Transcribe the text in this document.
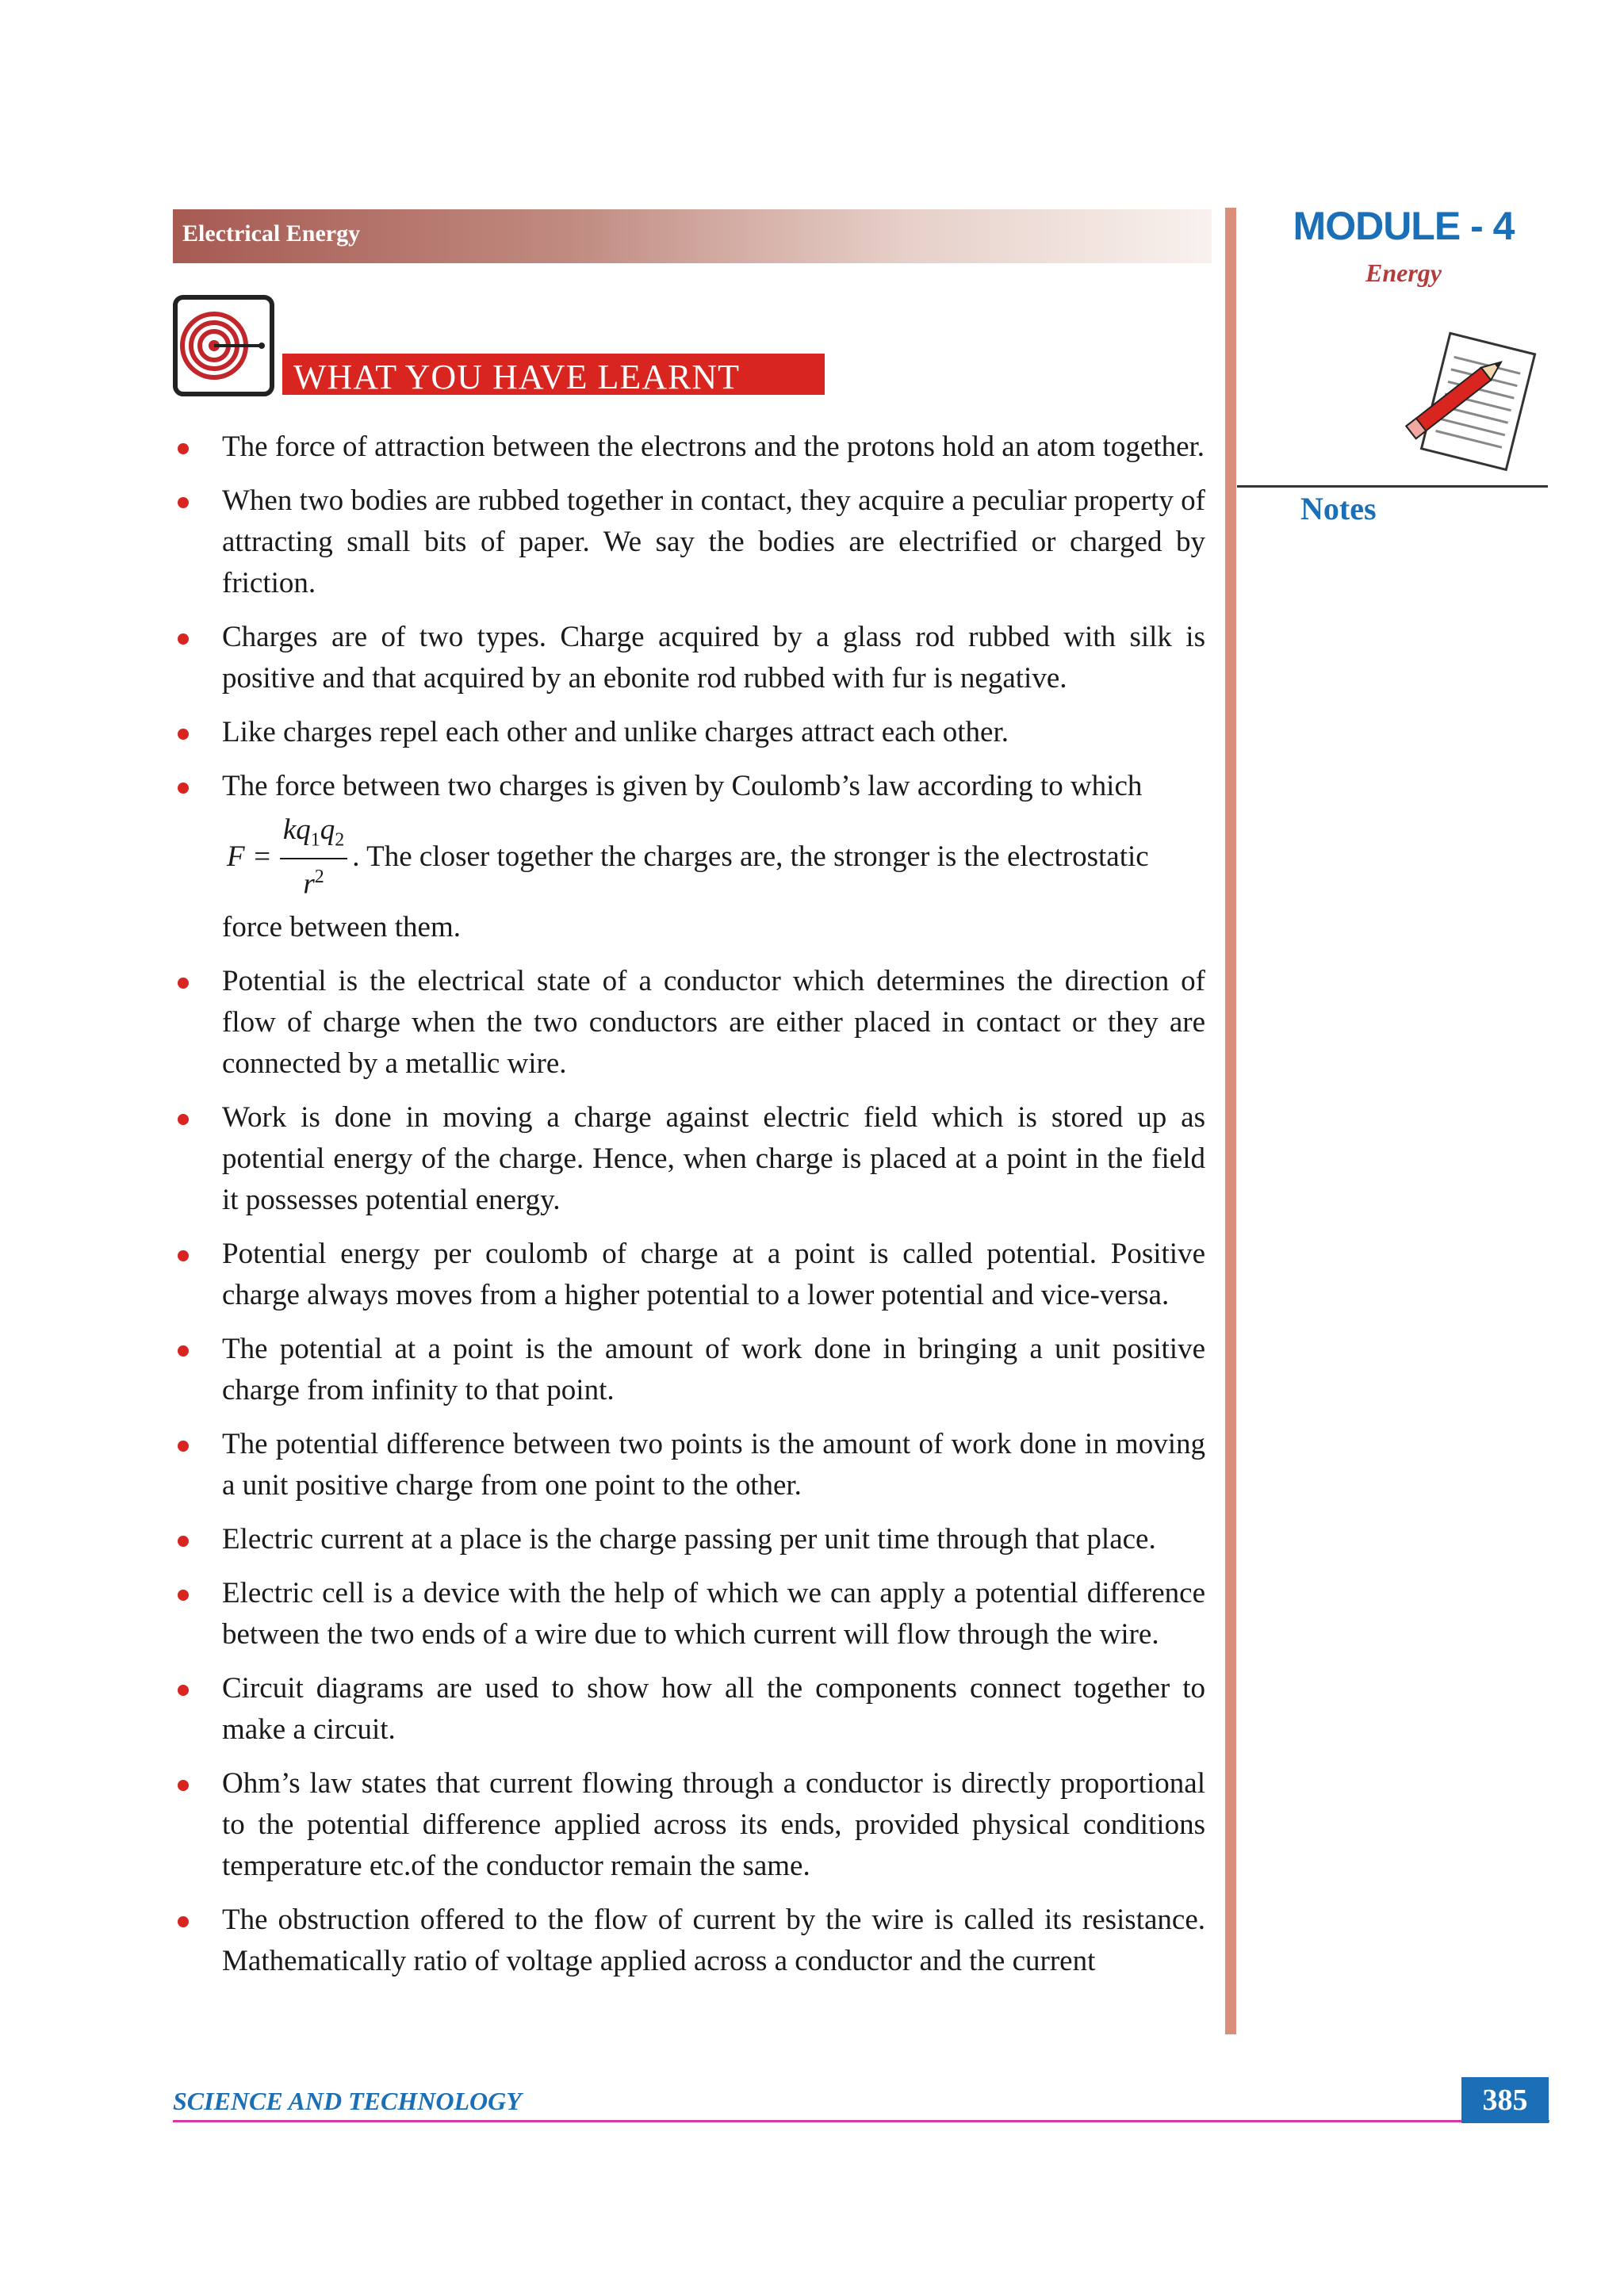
Electrical Energy	MODULE - 4
Energy
Notes
WHAT YOU HAVE LEARNT
The force of attraction between the electrons and the protons hold an atom together.
When two bodies are rubbed together in contact, they acquire a peculiar property of attracting small bits of paper. We say the bodies are electrified or charged by friction.
Charges are of two types. Charge acquired by a glass rod rubbed with silk is positive and that acquired by an ebonite rod rubbed with fur is negative.
Like charges repel each other and unlike charges attract each other.
The force between two charges is given by Coulomb’s law according to which
$F = \frac{kq_1q_2}{r^2}$ . The closer together the charges are, the stronger is the electrostatic
force between them.
Potential is the electrical state of a conductor which determines the direction of flow of charge when the two conductors are either placed in contact or they are connected by a metallic wire.
Work is done in moving a charge against electric field which is stored up as potential energy of the charge. Hence, when charge is placed at a point in the field it possesses potential energy.
Potential energy per coulomb of charge at a point is called potential. Positive charge always moves from a higher potential to a lower potential and vice-versa.
The potential at a point is the amount of work done in bringing a unit positive charge from infinity to that point.
The potential difference between two points is the amount of work done in moving a unit positive charge from one point to the other.
Electric current at a place is the charge passing per unit time through that place.
Electric cell is a device with the help of which we can apply a potential difference between the two ends of a wire due to which current will flow through the wire.
Circuit diagrams are used to show how all the components connect together to make a circuit.
Ohm’s law states that current flowing through a conductor is directly proportional to the potential difference applied across its ends, provided physical conditions temperature etc.of the conductor remain the same.
The obstruction offered to the flow of current by the wire is called its resistance. Mathematically ratio of voltage applied across a conductor and the current
SCIENCE AND TECHNOLOGY	385
